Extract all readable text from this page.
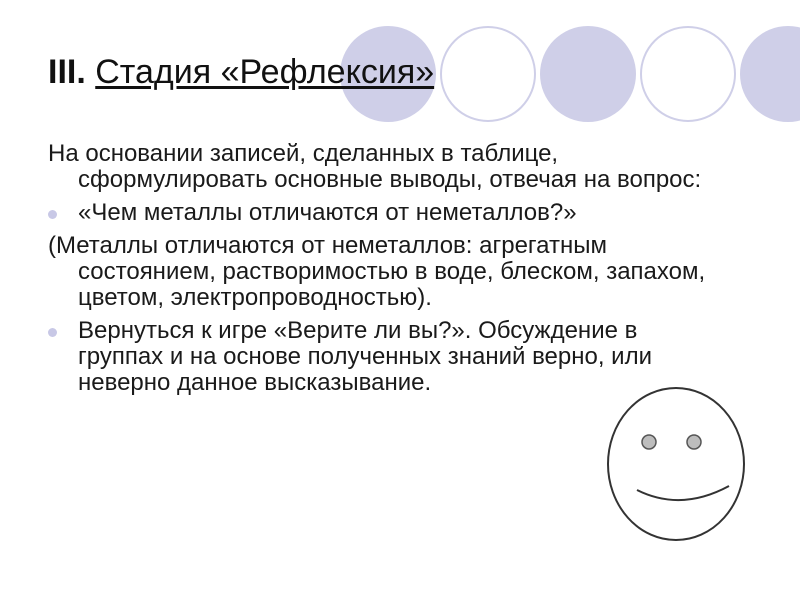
III. Стадия «Рефлексия»

На основании записей, сделанных в таблице, сформулировать основные выводы, отвечая на вопрос:

«Чем металлы отличаются от неметаллов?»

(Металлы отличаются от неметаллов: агрегатным состоянием, растворимостью в воде, блеском, запахом, цветом, электропроводностью).

Вернуться к игре «Верите ли вы?». Обсуждение в группах и на основе полученных знаний верно, или неверно данное высказывание.
